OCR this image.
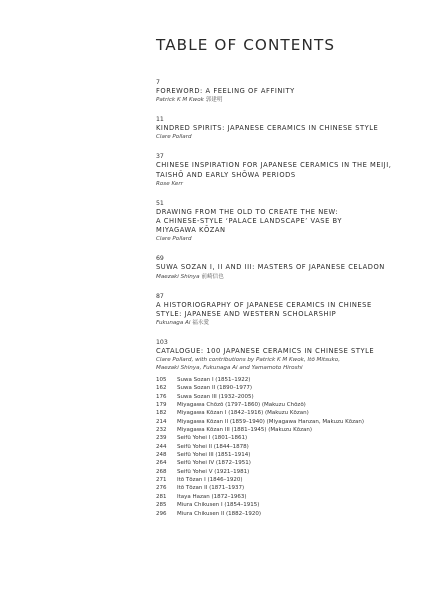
TABLE OF CONTENTS
7
FOREWORD: A FEELING OF AFFINITY
Patrick K M Kwok 郭建明
11
KINDRED SPIRITS: JAPANESE CERAMICS IN CHINESE STYLE
Clare Pollard
37
CHINESE INSPIRATION FOR JAPANESE CERAMICS IN THE MEIJI,
TAISHŌ AND EARLY SHŌWA PERIODS
Rose Kerr
51
DRAWING FROM THE OLD TO CREATE THE NEW:
A CHINESE-STYLE ‘PALACE LANDSCAPE’ VASE BY
MIYAGAWA KŌZAN
Clare Pollard
69
SUWA SOZAN I, II AND III: MASTERS OF JAPANESE CELADON
Maezaki Shinya 前崎信也
87
A HISTORIOGRAPHY OF JAPANESE CERAMICS IN CHINESE
STYLE: JAPANESE AND WESTERN SCHOLARSHIP
Fukunaga Ai 福永愛
103
CATALOGUE: 100 JAPANESE CERAMICS IN CHINESE STYLE
Clare Pollard, with contributions by Patrick K M Kwok, Itō Mitsuko,
Maezaki Shinya, Fukunaga Ai and Yamamoto Hiroshi
105 Suwa Sozan I (1851–1922)
162 Suwa Sozan II (1890–1977)
176 Suwa Sozan III (1932–2005)
179 Miyagawa Chōzō (1797–1860) (Makuzu Chōzō)
182 Miyagawa Kōzan I (1842–1916) (Makuzu Kōzan)
214 Miyagawa Kōzan II (1859–1940) (Miyagawa Hanzan, Makuzu Kōzan)
232 Miyagawa Kōzan III (1881–1945) (Makuzu Kōzan)
239 Seifū Yohei I (1801–1861)
244 Seifū Yohei II (1844–1878)
248 Seifū Yohei III (1851–1914)
264 Seifū Yohei IV (1872–1951)
268 Seifū Yohei V (1921–1981)
271 Itō Tōzan I (1846–1920)
276 Itō Tōzan II (1871–1937)
281 Itaya Hazan (1872–1963)
285 Miura Chikusen I (1854–1915)
296 Miura Chikusen II (1882–1920)
